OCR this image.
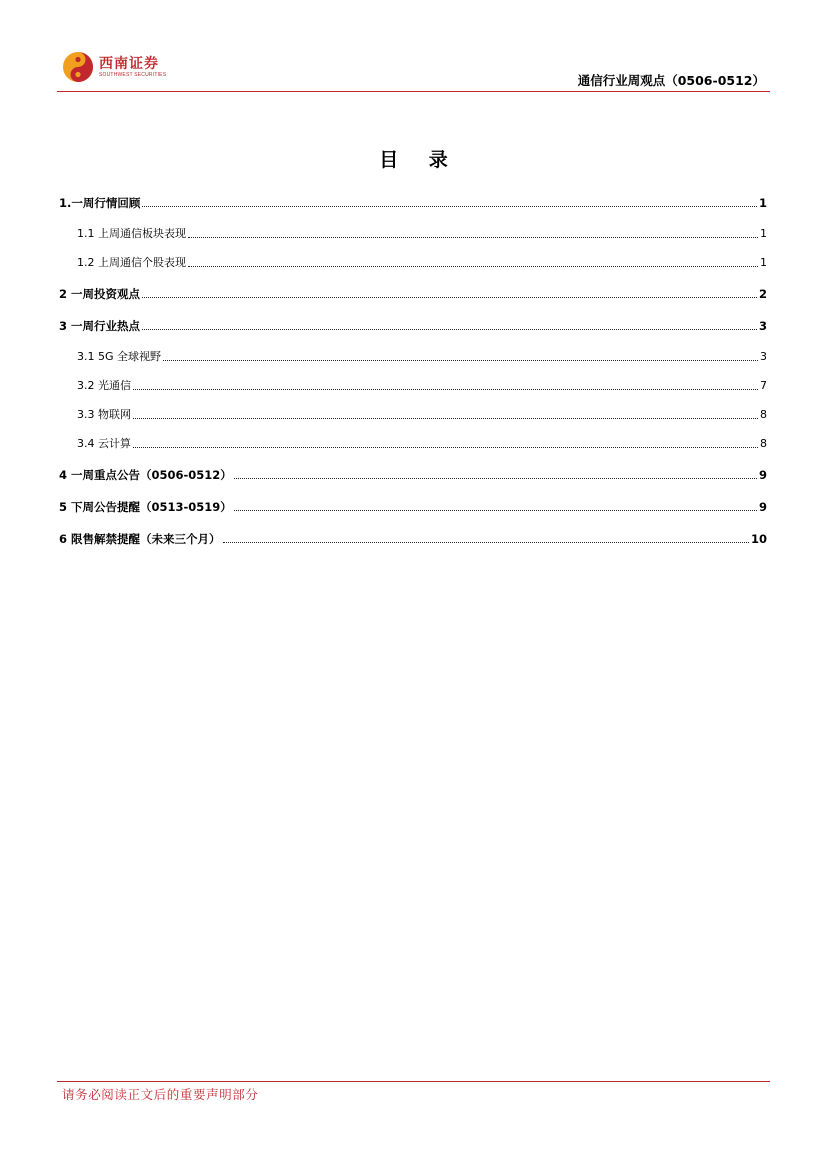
西南证券
SOUTHWEST SECURITIES	通信行业周观点（0506-0512）
目 录
1.一周行情回顾	1
1.1 上周通信板块表现	1
1.2 上周通信个股表现	1
2 一周投资观点	2
3 一周行业热点	3
3.1 5G 全球视野	3
3.2 光通信	7
3.3 物联网	8
3.4 云计算	8
4 一周重点公告（0506-0512）	9
5 下周公告提醒（0513-0519）	9
6 限售解禁提醒（未来三个月）	10
请务必阅读正文后的重要声明部分
